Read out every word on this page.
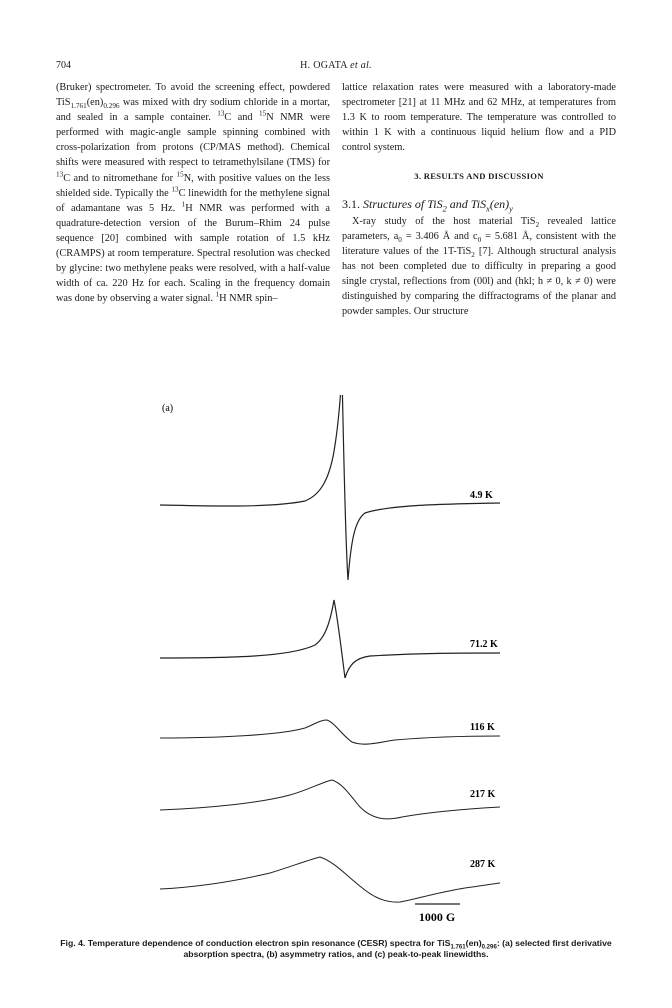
704	H. OGATA et al.

(Bruker) spectrometer. To avoid the screening effect, powdered $TiS_{1.761}(en)_{0.296}$ was mixed with dry sodium chloride in a mortar, and sealed in a sample container. $^{13}$C and $^{15}$N NMR were performed with magic-angle sample spinning combined with cross-polarization from protons (CP/MAS method). Chemical shifts were measured with respect to tetramethylsilane (TMS) for $^{13}$C and to nitromethane for $^{15}$N, with positive values on the less shielded side. Typically the $^{13}$C linewidth for the methylene signal of adamantane was 5 Hz. $^1$H NMR was performed with a quadrature-detection version of the Burum–Rhim 24 pulse sequence [20] combined with sample rotation of 1.5 kHz (CRAMPS) at room temperature. Spectral resolution was checked by glycine: two methylene peaks were resolved, with a half-value width of ca. 220 Hz for each. Scaling in the frequency domain was done by observing a water signal. $^1$H NMR spin–

lattice relaxation rates were measured with a laboratory-made spectrometer [21] at 11 MHz and 62 MHz, at temperatures from 1.3 K to room temperature. The temperature was controlled to within 1 K with a continuous liquid helium flow and a PID control system.

3. RESULTS AND DISCUSSION
3.1. Structures of TiS$_2$ and $TiS_x(en)_y$

X-ray study of the host material TiS$_2$ revealed lattice parameters, $a_0 = 3.406$ Å and $c_0 = 5.681$ Å, consistent with the literature values of the 1T-TiS$_2$ [7]. Although structural analysis has not been completed due to difficulty in preparing a good single crystal, reflections from (00l) and (hkl; h ≠ 0, k ≠ 0) were distinguished by comparing the diffractograms of the planar and powder samples. Our structure

(a)
4.9 K
71.2 K
116 K
217 K
287 K
1000 G
Fig. 4. Temperature dependence of conduction electron spin resonance (CESR) spectra for $TiS_{1.761}(en)_{0.296}$: (a) selected first derivative absorption spectra, (b) asymmetry ratios, and (c) peak-to-peak linewidths.
